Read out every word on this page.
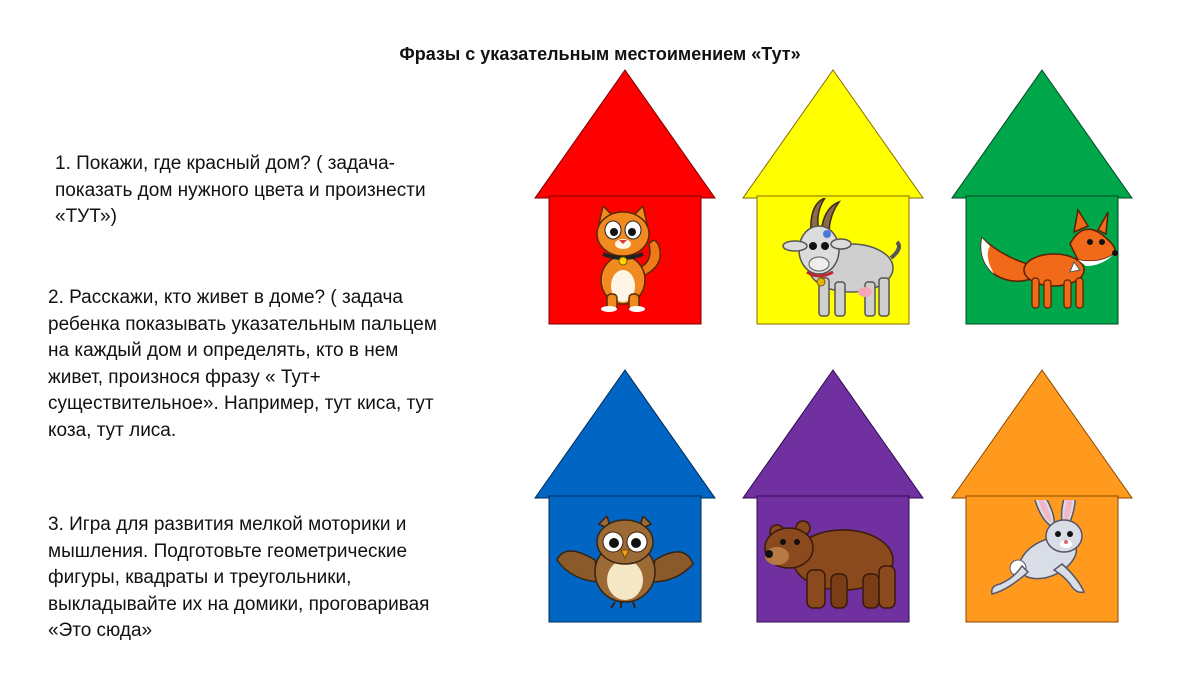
Фразы с указательным местоимением «Тут»
1. Покажи, где красный дом? ( задача-показать дом нужного цвета и произнести «ТУТ»)
2. Расскажи, кто живет в доме? ( задача ребенка показывать указательным пальцем на каждый дом и определять, кто в нем живет, произнося фразу « Тут+ существительное». Например, тут киса, тут коза, тут лиса.
3. Игра для развития мелкой моторики и мышления. Подготовьте геометрические фигуры, квадраты и треугольники, выкладывайте их на домики, проговаривая «Это сюда»
